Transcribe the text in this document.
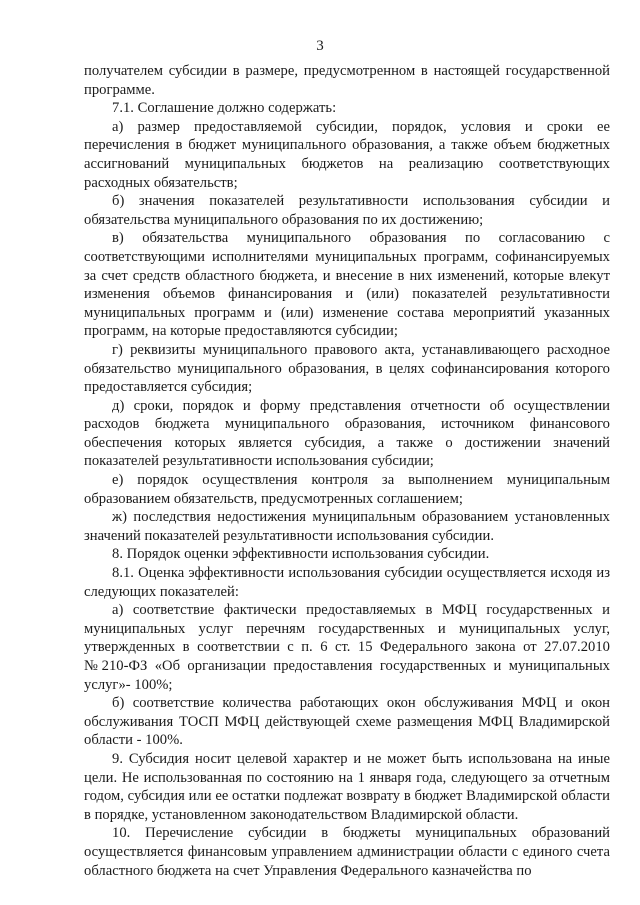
3

получателем субсидии в размере, предусмотренном в настоящей государственной программе.

7.1. Соглашение должно содержать:

а) размер предоставляемой субсидии, порядок, условия и сроки ее перечисления в бюджет муниципального образования, а также объем бюджетных ассигнований муниципальных бюджетов на реализацию соответствующих расходных обязательств;

б) значения показателей результативности использования субсидии и обязательства муниципального образования по их достижению;

в) обязательства муниципального образования по согласованию с соответствующими исполнителями муниципальных программ, софинансируемых за счет средств областного бюджета, и внесение в них изменений, которые влекут изменения объемов финансирования и (или) показателей результативности муниципальных программ и (или) изменение состава мероприятий указанных программ, на которые предоставляются субсидии;

г) реквизиты муниципального правового акта, устанавливающего расходное обязательство муниципального образования, в целях софинансирования которого предоставляется субсидия;

д) сроки, порядок и форму представления отчетности об осуществлении расходов бюджета муниципального образования, источником финансового обеспечения которых является субсидия, а также о достижении значений показателей результативности использования субсидии;

е) порядок осуществления контроля за выполнением муниципальным образованием обязательств, предусмотренных соглашением;

ж) последствия недостижения муниципальным образованием установленных значений показателей результативности использования субсидии.

8. Порядок оценки эффективности использования субсидии.

8.1. Оценка эффективности использования субсидии осуществляется исходя из следующих показателей:

а) соответствие фактически предоставляемых в МФЦ государственных и муниципальных услуг перечням государственных и муниципальных услуг, утвержденных в соответствии с п. 6 ст. 15 Федерального закона от 27.07.2010 №210-ФЗ «Об организации предоставления государственных и муниципальных услуг»- 100%;

б) соответствие количества работающих окон обслуживания МФЦ и окон обслуживания ТОСП МФЦ действующей схеме размещения МФЦ Владимирской области - 100%.

9. Субсидия носит целевой характер и не может быть использована на иные цели. Не использованная по состоянию на 1 января года, следующего за отчетным годом, субсидия или ее остатки подлежат возврату в бюджет Владимирской области в порядке, установленном законодательством Владимирской области.

10. Перечисление субсидии в бюджеты муниципальных образований осуществляется финансовым управлением администрации области с единого счета областного бюджета на счет Управления Федерального казначейства по
